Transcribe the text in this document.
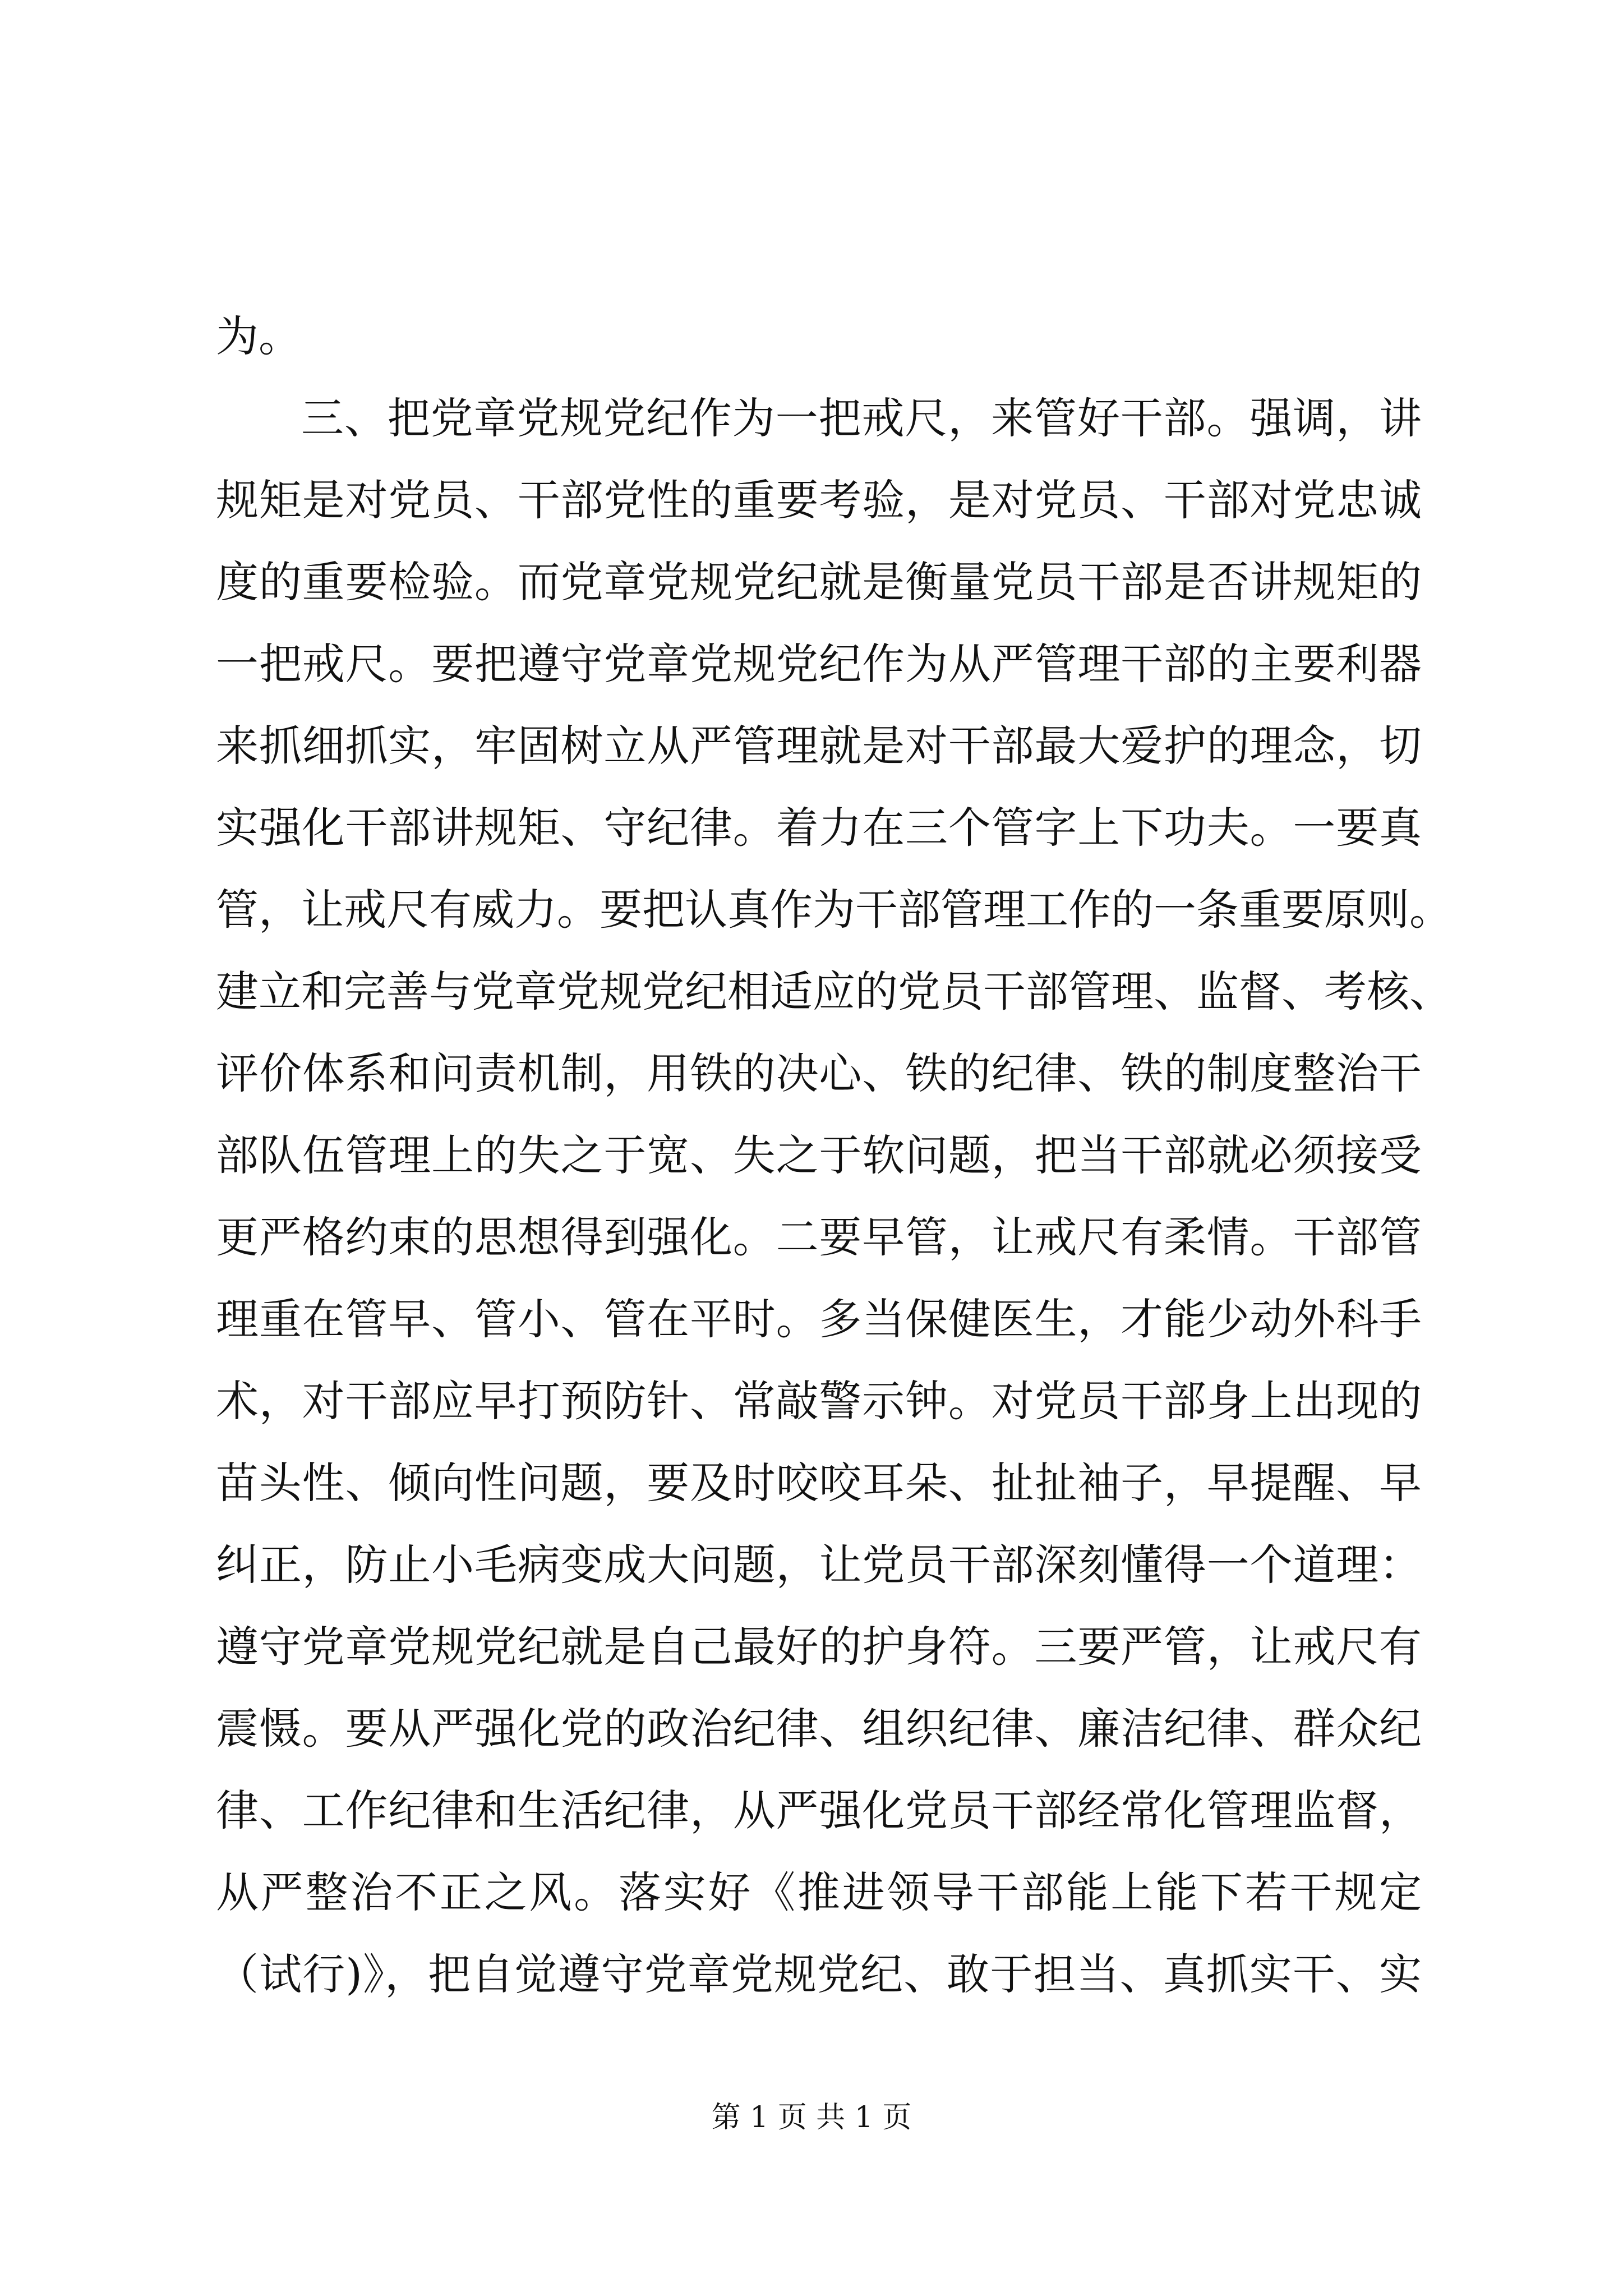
为。
三、把党章党规党纪作为一把戒尺，来管好干部。强调，讲
规矩是对党员、干部党性的重要考验，是对党员、干部对党忠诚
度的重要检验。而党章党规党纪就是衡量党员干部是否讲规矩的
一把戒尺。要把遵守党章党规党纪作为从严管理干部的主要利器
来抓细抓实，牢固树立从严管理就是对干部最大爱护的理念，切
实强化干部讲规矩、守纪律。着力在三个管字上下功夫。一要真
管，让戒尺有威力。要把认真作为干部管理工作的一条重要原则。
建立和完善与党章党规党纪相适应的党员干部管理、监督、考核、
评价体系和问责机制，用铁的决心、铁的纪律、铁的制度整治干
部队伍管理上的失之于宽、失之于软问题，把当干部就必须接受
更严格约束的思想得到强化。二要早管，让戒尺有柔情。干部管
理重在管早、管小、管在平时。多当保健医生，才能少动外科手
术，对干部应早打预防针、常敲警示钟。对党员干部身上出现的
苗头性、倾向性问题，要及时咬咬耳朵、扯扯袖子，早提醒、早
纠正，防止小毛病变成大问题，让党员干部深刻懂得一个道理：
遵守党章党规党纪就是自己最好的护身符。三要严管，让戒尺有
震慑。要从严强化党的政治纪律、组织纪律、廉洁纪律、群众纪
律、工作纪律和生活纪律，从严强化党员干部经常化管理监督，
从严整治不正之风。落实好《推进领导干部能上能下若干规定
（试行)》，把自觉遵守党章党规党纪、敢于担当、真抓实干、实
第 1 页 共 1 页
